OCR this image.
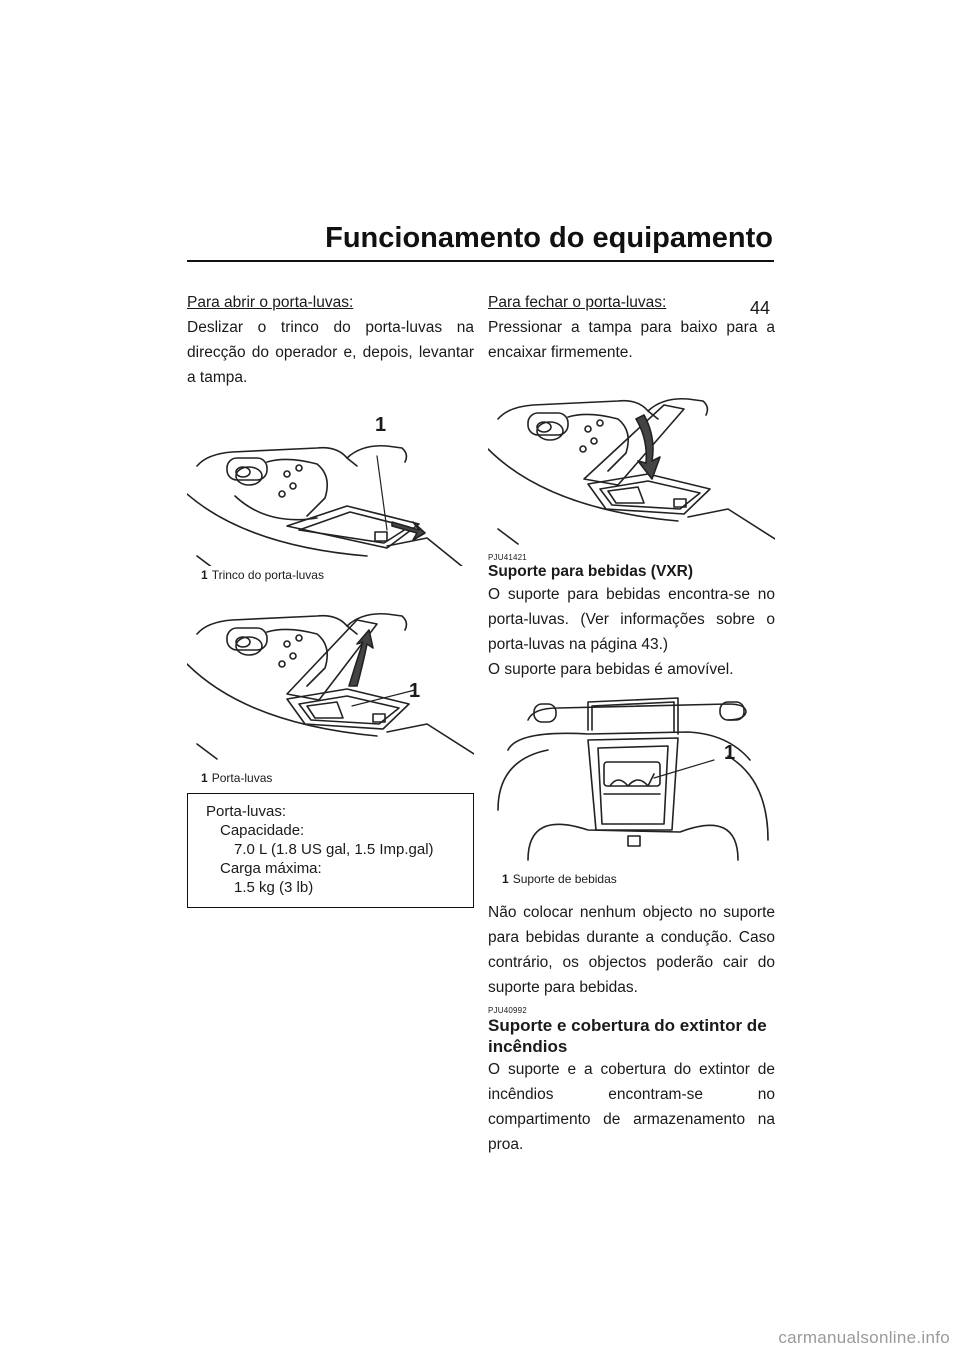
Funcionamento do equipamento
44

Para abrir o porta-luvas:

Deslizar o trinco do porta-luvas na direcção do operador e, depois, levantar a tampa.

1
1 Trinco do porta-luvas
1
1 Porta-luvas
Porta-luvas:
Capacidade:
7.0 L (1.8 US gal, 1.5 Imp.gal)
Carga máxima:
1.5 kg (3 lb)

Para fechar o porta-luvas:

Pressionar a tampa para baixo para a encaixar firmemente.

PJU41421

Suporte para bebidas (VXR)

O suporte para bebidas encontra-se no porta-luvas. (Ver informações sobre o porta-luvas na página 43.)

O suporte para bebidas é amovível.

1
1 Suporte de bebidas

Não colocar nenhum objecto no suporte para bebidas durante a condução. Caso contrário, os objectos poderão cair do suporte para bebidas.

PJU40992

Suporte e cobertura do extintor de incêndios

O suporte e a cobertura do extintor de incêndios encontram-se no compartimento de armazenamento na proa.

carmanualsonline.info
